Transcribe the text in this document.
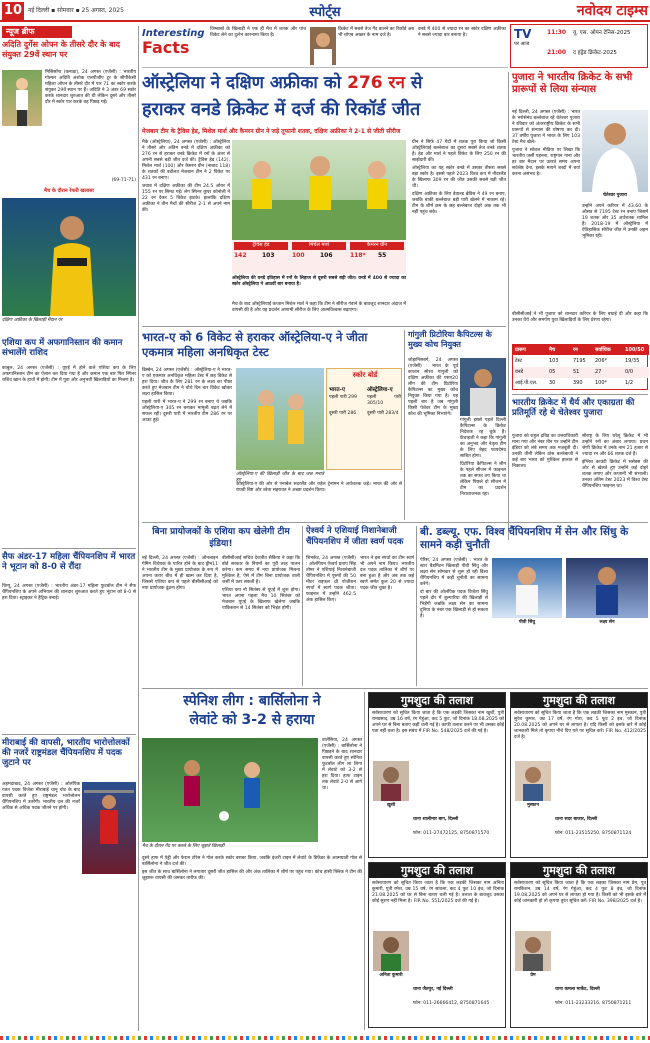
10 नई दिल्ली ▪ सोमवार ▪ 25 अगस्त, 2025	स्पोर्ट्स	नवोदय टाइम्स
न्यूज ब्रीफ
अदिति दुर्गेस ओपन के तीसरे दौर के बाद संयुक्त 29वें स्थान पर
मिसिसॉगा (कनाडा), 24 अगस्त (एजेंसी) : भारतीय गोल्फर अदिति अशोक एलपीजीए टूर के सीपीकेसी महिला ओपन के तीसरे दौर में पार 71 का स्कोर करके संयुक्त 29वें स्थान पर हैं। अदिति ने 3 अंडर 69 स्कोर करके शानदार शुरुआत की थी लेकिन दूसरे और तीसरे दौर में स्कोर पार करके वह पिछड़ गईं।
(69-71-71)
मैच के दौरान रेफरी खलासा
दक्षिण अफ्रीका के खिलाड़ी मैदान पर
एशिया कप में अफगानिस्तान की कमान संभालेंगे राशिद
काबुल, 24 अगस्त (एजेंसी) : यूएई में होने वाले एशिया कप के लिए अफगानिस्तान टीम का ऐलान कर दिया गया है और कमान एक बार फिर स्पिनर राशिद खान के हाथों में होगी। टीम में युवा और अनुभवी खिलाड़ियों का मिश्रण है।
सैफ अंडर-17 महिला चैंपियनशिप में भारत ने भूटान को 8-0 से रौंदा
थिम्पू, 24 अगस्त (एजेंसी) : भारतीय अंडर-17 महिला फुटबॉल टीम ने सैफ चैंपियनशिप के अपने अभियान की शानदार शुरुआत करते हुए भूटान को 8-0 से हरा दिया। स्ट्राइकर ने हैट्रिक बनाई।
मीराबाई की वापसी, भारतीय भारोत्तोलकों की नजरें राष्ट्रमंडल चैंपियनशिप में पदक जुटाने पर
अहमदाबाद, 24 अगस्त (एजेंसी) : ओलंपिक रजत पदक विजेता मीराबाई चानू चोट के बाद वापसी करते हुए राष्ट्रमंडल भारोत्तोलन चैंपियनशिप में उतरेंगी। भारतीय दल की नजरें अधिक से अधिक पदक जीतने पर होंगी।
Interesting
Facts
जिम्बाब्वे के खिलाड़ी ने एक ही मैच में शतक और पांच विकेट लेने का दुर्लभ कारनामा किया है।
क्रिकेट में सबसे तेज गेंद डालने का रिकॉर्ड अब भी शोएब अख्तर के नाम दर्ज है।
वनडे में 400 से ज्यादा रन का स्कोर दक्षिण अफ्रीका ने सबसे ज्यादा बार बनाया है।	TV
पर आज
11:30	यू. एस. ओपन टेनिस-2025
21:00	द हंड्रेड क्रिकेट-2025
ऑस्ट्रेलिया ने दक्षिण अफ्रीका को 276 रन से
हराकर वनडे क्रिकेट में दर्ज की रिकॉर्ड जीत
मेजबान टीम के ट्रैविस हेड, मिशेल मार्श और कैमरन ग्रीन ने जड़े तूफानी शतक, दक्षिण अफ्रीका ने 2-1 से जीती सीरीज

मैके (ऑस्ट्रेलिया), 24 अगस्त (एजेंसी) : ऑस्ट्रेलिया ने तीसरे और अंतिम वनडे में दक्षिण अफ्रीका को 276 रन से हराकर वनडे क्रिकेट में रनों के अंतर से अपनी सबसे बड़ी जीत दर्ज की। ट्रैविस हेड (142), मिशेल मार्श (100) और कैमरन ग्रीन (नाबाद 118) के शतकों की बदौलत मेजबान टीम ने 2 विकेट पर 431 रन बनाए।

जवाब में दक्षिण अफ्रीका की टीम 24.5 ओवर में 155 रन पर सिमट गई। लेग स्पिनर कूपर कोनोली ने 22 रन देकर 5 विकेट झटके। हालांकि दक्षिण अफ्रीका ने तीन मैचों की सीरीज 2-1 से अपने नाम की।

ट्रैविस हेड
142	103
मिचेल मार्श
100	106
कैमरन ग्रीन
118*	55
ऑस्ट्रेलिया की वनडे इतिहास में रनों के लिहाज से दूसरी सबसे बड़ी जीत। वनडे में 400 से ज्यादा का स्कोर ऑस्ट्रेलिया ने आठवीं बार बनाया है।

ग्रीन ने सिर्फ 47 गेंदों में शतक पूरा किया जो किसी ऑस्ट्रेलियाई बल्लेबाज का दूसरा सबसे तेज वनडे शतक है। हेड और मार्श ने पहले विकेट के लिए 250 रन की साझेदारी की।

ऑस्ट्रेलिया का यह स्कोर वनडे में उसका तीसरा सबसे बड़ा स्कोर है। इससे पहले 2023 विश्व कप में नीदरलैंड के खिलाफ 309 रन की जीत उसकी सबसे बड़ी जीत थी।

दक्षिण अफ्रीका के लिए डेवाल्ड ब्रेविस ने 49 रन बनाए, जबकि बाकी बल्लेबाज बड़ी पारी खेलने में नाकाम रहे। टीम के शीर्ष क्रम के छह बल्लेबाज दोहरे अंक तक भी नहीं पहुंच सके।

मैच के बाद ऑस्ट्रेलियाई कप्तान मिशेल मार्श ने कहा कि टीम ने सीरीज गंवाने के बावजूद शानदार अंदाज में वापसी की है और यह प्रदर्शन आगामी सीरीज के लिए आत्मविश्वास बढ़ाएगा।
पुजारा ने भारतीय क्रिकेट के सभी प्रारूपों से लिया संन्यास
चेतेश्वर पुजारा

नई दिल्ली, 24 अगस्त (एजेंसी) : भारत के भरोसेमंद बल्लेबाज रहे चेतेश्वर पुजारा ने रविवार को अंतरराष्ट्रीय क्रिकेट के सभी प्रारूपों से संन्यास की घोषणा कर दी। 37 वर्षीय पुजारा ने भारत के लिए 103 टेस्ट मैच खेले।

पुजारा ने सोशल मीडिया पर लिखा कि भारतीय जर्सी पहनना, राष्ट्रगान गाना और हर बार मैदान पर उतरते समय अपना सर्वश्रेष्ठ देना, इसके मायने शब्दों में बयां करना असंभव है।

उन्होंने अपने करियर में 43.60 के औसत से 7195 टेस्ट रन बनाए जिसमें 19 शतक और 35 अर्धशतक शामिल हैं। 2018-19 में ऑस्ट्रेलिया में ऐतिहासिक सीरीज जीत में उनकी अहम भूमिका रही।

बीसीसीआई ने भी पुजारा को शानदार करियर के लिए बधाई दी और कहा कि उनका धैर्य और समर्पण युवा खिलाड़ियों के लिए प्रेरणा रहेगा।
प्रारूप	मैच	रन	सर्वाधिक	100/50
टेस्ट	103	7195	206*	19/35
वनडे	05	51	27	0/0
आई.पी.एल.	30	390	100*	1/2
भारतीय क्रिकेट में धैर्य और एकाग्रता की प्रतिमूर्ति रहे थे चेतेश्वर पुजारा

पुजारा को राहुल द्रविड़ का उत्तराधिकारी माना गया और नंबर तीन पर उन्होंने टीम इंडिया को लंबे समय तक मजबूती दी। उनकी धीमी लेकिन ठोस बल्लेबाजी ने कई बार भारत को मुश्किल हालात से निकाला।

सौराष्ट्र के लिए घरेलू क्रिकेट में भी उन्होंने रनों का अंबार लगाया। प्रथम श्रेणी क्रिकेट में उनके नाम 21 हजार से ज्यादा रन और 66 शतक दर्ज हैं।

इंग्लिश काउंटी क्रिकेट में ससेक्स की ओर से खेलते हुए उन्होंने कई दोहरे शतक लगाए और कप्तानी भी संभाली। उनका अंतिम टेस्ट 2023 में विश्व टेस्ट चैंपियनशिप फाइनल था।

भारत-ए को 6 विकेट से हराकर ऑस्ट्रेलिया-ए ने जीता एकमात्र महिला अनधिकृत टेस्ट

ब्रिस्बेन, 24 अगस्त (एजेंसी) : ऑस्ट्रेलिया-ए ने भारत-ए को एकमात्र अनधिकृत महिला टेस्ट में छह विकेट से हरा दिया। जीत के लिए 281 रन के लक्ष्य का पीछा करते हुए मेजबान टीम ने चौथे दिन चार विकेट खोकर लक्ष्य हासिल किया।

पहली पारी में भारत-ए ने 299 रन बनाए थे जबकि ऑस्ट्रेलिया-ए 305 रन बनाकर मामूली बढ़त लेने में सफल रही। दूसरी पारी में भारतीय टीम 286 रन पर आउट हुई।

स्कोर बोर्ड
भारत-ए
पहली पारी 299
दूसरी पारी 286
ऑस्ट्रेलिया-ए
पहली पारी 305/10
दूसरी पारी 283/4
ऑस्ट्रेलिया-ए की खिलाड़ी जीत के बाद जश्न मनाते हुए
ऑस्ट्रेलिया-ए की ओर से एनाबेल सदरलैंड और राहेल ट्रेनामन ने अर्धशतक जड़े। भारत की ओर से राघवी बिष्ट और श्वेता सहरावत ने अच्छा प्रदर्शन किया।
गांगुली प्रिटोरिया कैपिटल्स के मुख्य कोच नियुक्त

जोहानिसबर्ग, 24 अगस्त (एजेंसी) : भारत के पूर्व कप्तान सौरव गांगुली को दक्षिण अफ्रीका की एसए20 लीग की टीम प्रिटोरिया कैपिटल्स का मुख्य कोच नियुक्त किया गया है। यह पहली बार है जब गांगुली किसी पेशेवर टीम के मुख्य कोच की भूमिका निभाएंगे।

गांगुली इससे पहले दिल्ली कैपिटल्स के क्रिकेट निदेशक रह चुके हैं। फ्रेंचाइजी ने कहा कि गांगुली का अनुभव और नेतृत्व टीम के लिए बेहद फायदेमंद साबित होगा।

प्रिटोरिया कैपिटल्स ने लीग के पहले सीजन में फाइनल तक का सफर तय किया था लेकिन पिछले दो सीजन में टीम का प्रदर्शन निराशाजनक रहा।

बिना प्रायोजकों के एशिया कप खेलेगी टीम इंडिया!

नई दिल्ली, 24 अगस्त (एजेंसी) : ऑनलाइन गेमिंग विधेयक के पारित होने के बाद ड्रीम11 ने भारतीय टीम के मुख्य प्रायोजक के रूप में अपना करार बीच में ही खत्म कर दिया है, जिससे एशिया कप से पहले बीसीसीआई को नया प्रायोजक ढूंढना होगा।

बीसीसीआई सचिव देवजीत सैकिया ने कहा कि बोर्ड सरकार के नियमों का पूरी तरह पालन करेगा। कम समय में नया प्रायोजक मिलना मुश्किल है, ऐसे में टीम बिना प्रायोजक वाली जर्सी में उतर सकती है।

एशिया कप नौ सितंबर से यूएई में शुरू होगा। भारत अपना पहला मैच 10 सितंबर को मेजबान यूएई के खिलाफ खेलेगा जबकि पाकिस्तान से 14 सितंबर को भिड़ंत होगी।

ऐश्वर्य ने एशियाई निशानेबाजी चैंपियनशिप में जीता स्वर्ण पदक

शिमकेंट, 24 अगस्त (एजेंसी) : ओलंपियन ऐश्वर्य प्रताप सिंह तोमर ने एशियाई निशानेबाजी चैंपियनशिप में पुरुषों की 50 मीटर राइफल थ्री पोजीशन स्पर्धा में स्वर्ण पदक जीता। फाइनल में उन्होंने 462.5 अंक हासिल किए।

भारत ने इस स्पर्धा का टीम स्वर्ण भी अपने नाम किया। भारतीय दल पदक तालिका में शीर्ष पर बना हुआ है और अब तक कई स्वर्ण समेत कुल 20 से ज्यादा पदक जीत चुका है।

बी. डब्ल्यू. एफ. विश्व चैंपियनशिप में सेन और सिंधु के सामने कड़ी चुनौती

पेरिस, 24 अगस्त (एजेंसी) : भारत के स्टार बैडमिंटन खिलाड़ी पीवी सिंधु और लक्ष्य सेन सोमवार से शुरू हो रही विश्व चैंपियनशिप में कड़ी चुनौती का सामना करेंगे।

दो बार की ओलंपिक पदक विजेता सिंधु पहले दौर में बुल्गारिया की खिलाड़ी से भिड़ेंगी जबकि लक्ष्य सेन का सामना दुनिया के नंबर एक खिलाड़ी से हो सकता है।

पीवी सिंधु	लक्ष्य सेन
स्पेनिश लीग : बार्सिलोना ने
लेवांटे को 3-2 से हराया
मैच के दौरान गेंद पर कब्जे के लिए जूझते खिलाड़ी

वालेंसिया, 24 अगस्त (एजेंसी) : बार्सिलोना ने पिछड़ने के बाद शानदार वापसी करते हुए स्पेनिश फुटबॉल लीग ला लिगा में लेवांटे को 3-2 से हरा दिया। हाफ टाइम तक लेवांटे 2-0 से आगे था।

दूसरे हाफ में पेड्री और फेरान टोरेस ने गोल करके स्कोर बराबर किया, जबकि इंजरी टाइम में लेवांटे के डिफेंडर के आत्मघाती गोल से बार्सिलोना ने जीत दर्ज की।

इस जीत के साथ बार्सिलोना ने लगातार दूसरी जीत हासिल की और अंक तालिका में शीर्ष पर पहुंच गया। कोच हांसी फ्लिक ने टीम की जुझारू वापसी की जमकर तारीफ की।

गुमशुदा की तलाश
सर्वसाधारण को सूचित किया जाता है कि एक लड़की जिसका नाम खुशी, पुत्री रामप्रसाद, उम्र 16 वर्ष, रंग गेहुंआ, कद 5 फुट, जो दिनांक 18.08.2025 को अपने घर से बिना बताए कहीं चली गई है। काफी तलाश करने पर भी उसका कोई पता नहीं चला है। इस संबंध में FIR No. 548/2025 दर्ज की गई है।
खुशी
थाना शालीमार बाग, दिल्ली
फोन: 011-27472125, 8750871570
गुमशुदा की तलाश
सर्वसाधारण को सूचित किया जाता है कि एक लड़की जिसका नाम मुस्कान, पुत्री सुरेश कुमार, उम्र 17 वर्ष, रंग गोरा, कद 5 फुट 2 इंच, जो दिनांक 20.08.2025 को अपने घर से लापता है। यदि किसी को इसके बारे में कोई जानकारी मिले तो कृपया नीचे दिए पते पर सूचित करें। FIR No. 412/2025 दर्ज है।
मुस्कान
थाना सदर बाजार, दिल्ली
फोन: 011-23515250, 8750871124
गुमशुदा की तलाश
सर्वसाधारण को सूचित किया जाता है कि एक लड़की जिसका नाम अनिता कुमारी, पुत्री रमेश, उम्र 15 वर्ष, रंग सांवला, कद 4 फुट 10 इंच, जो दिनांक 21.08.2025 को घर से बिना बताए चली गई है। तलाश के बावजूद उसका कोई सुराग नहीं मिला है। FIR No. 551/2025 दर्ज की गई है।
अनिता कुमारी
थाना जैतपुर, नई दिल्ली
फोन: 011-26666412, 8750871645
गुमशुदा की तलाश
सर्वसाधारण को सूचित किया जाता है कि एक लड़का जिसका नाम प्रेम, पुत्र रामकिशन, उम्र 14 वर्ष, रंग गेहुंआ, कद 4 फुट 8 इंच, जो दिनांक 19.08.2025 को अपने घर से लापता हो गया है। किसी को भी इसके बारे में कोई जानकारी हो तो कृपया तुरंत सूचित करें। FIR No. 398/2025 दर्ज है।
प्रेम
थाना कमला मार्केट, दिल्ली
फोन: 011-23233216, 8750871211
